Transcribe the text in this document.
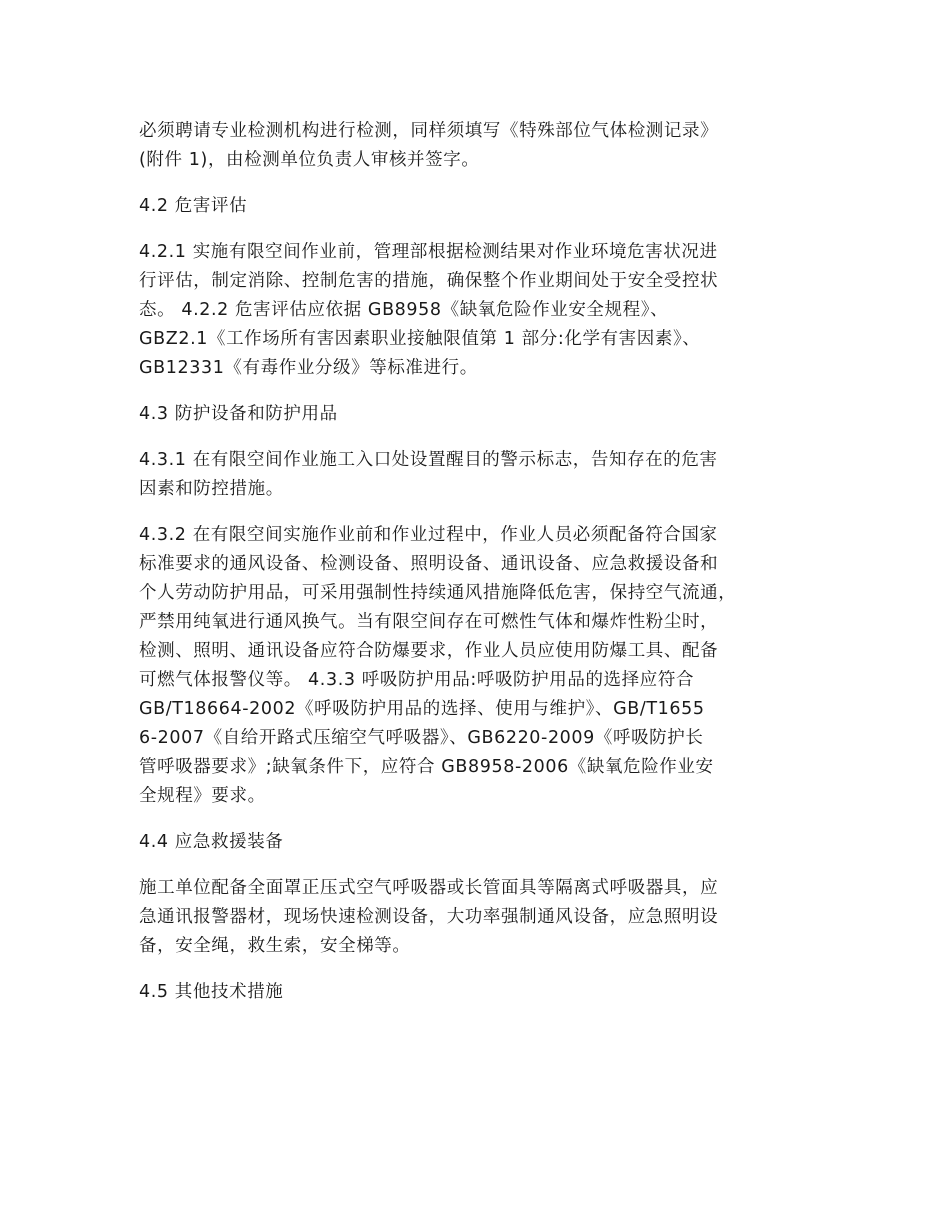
必须聘请专业检测机构进行检测，同样须填写《特殊部位气体检测记录》
(附件 1)，由检测单位负责人审核并签字。
4.2 危害评估
4.2.1 实施有限空间作业前，管理部根据检测结果对作业环境危害状况进
行评估，制定消除、控制危害的措施，确保整个作业期间处于安全受控状
态。 4.2.2 危害评估应依据 GB8958《缺氧危险作业安全规程》、
GBZ2.1《工作场所有害因素职业接触限值第 1 部分:化学有害因素》、
GB12331《有毒作业分级》等标准进行。
4.3 防护设备和防护用品
4.3.1 在有限空间作业施工入口处设置醒目的警示标志，告知存在的危害
因素和防控措施。
4.3.2 在有限空间实施作业前和作业过程中，作业人员必须配备符合国家
标准要求的通风设备、检测设备、照明设备、通讯设备、应急救援设备和
个人劳动防护用品，可采用强制性持续通风措施降低危害，保持空气流通，
严禁用纯氧进行通风换气。当有限空间存在可燃性气体和爆炸性粉尘时，
检测、照明、通讯设备应符合防爆要求，作业人员应使用防爆工具、配备
可燃气体报警仪等。 4.3.3 呼吸防护用品:呼吸防护用品的选择应符合
GB/T18664-2002《呼吸防护用品的选择、使用与维护》、GB/T1655
6-2007《自给开路式压缩空气呼吸器》、GB6220-2009《呼吸防护长
管呼吸器要求》;缺氧条件下，应符合 GB8958-2006《缺氧危险作业安
全规程》要求。
4.4 应急救援装备
施工单位配备全面罩正压式空气呼吸器或长管面具等隔离式呼吸器具，应
急通讯报警器材，现场快速检测设备，大功率强制通风设备，应急照明设
备，安全绳，救生索，安全梯等。
4.5 其他技术措施
